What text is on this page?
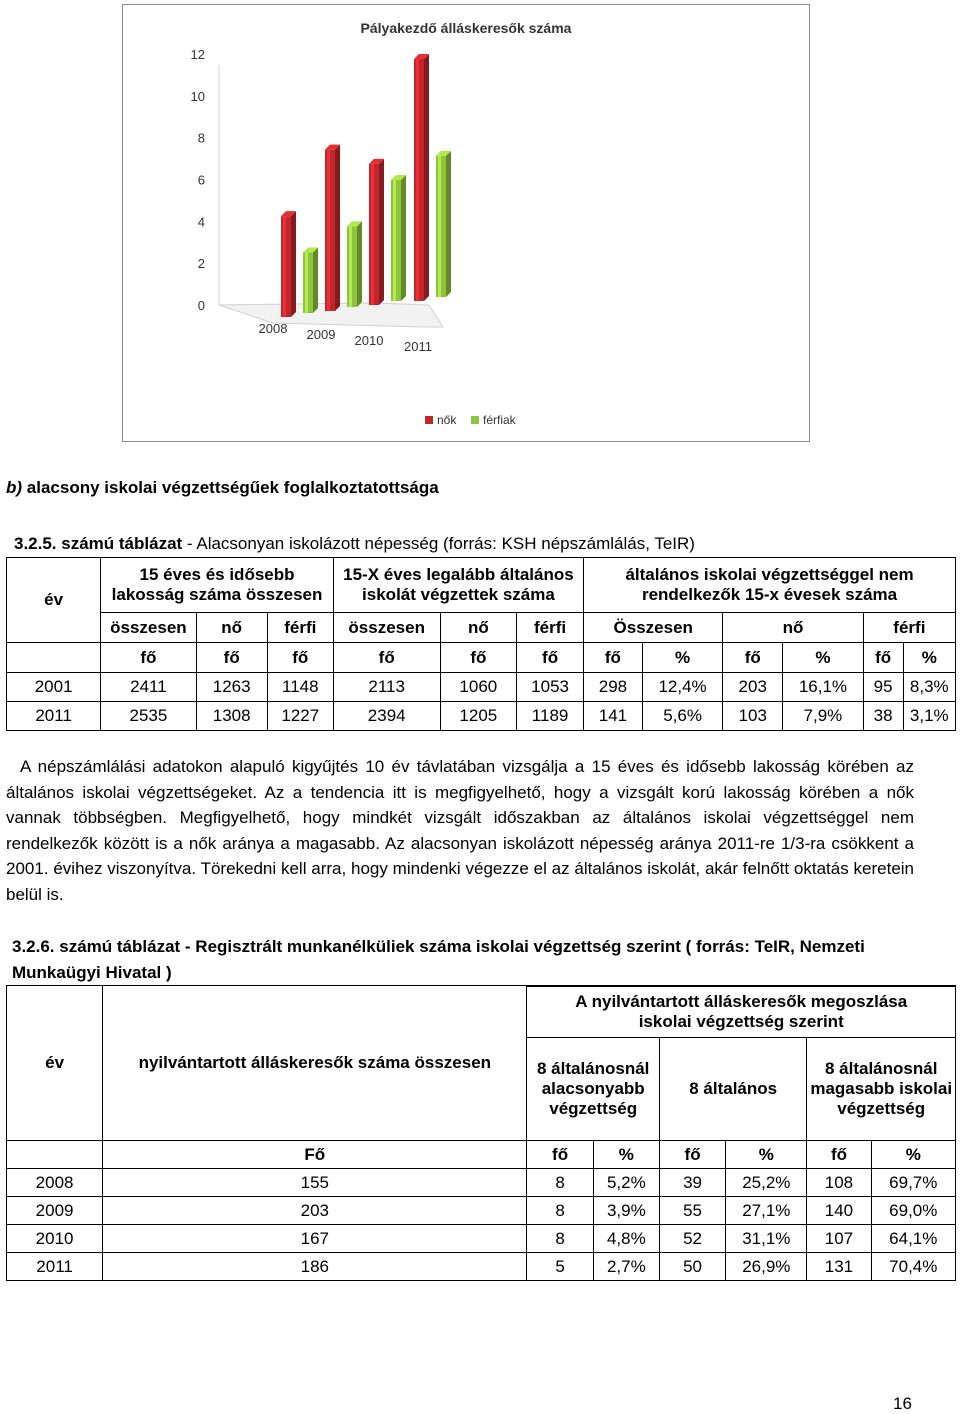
Pályakezdő álláskeresők száma
0
2
4
6
8
10
12
2008 2009 2010 2011
nők férfiak
b) alacsony iskolai végzettségűek foglalkoztatottsága
3.2.5. számú táblázat - Alacsonyan iskolázott népesség (forrás: KSH népszámlálás, TeIR)
év	15 éves és idősebb lakosság száma összesen			15-X éves legalább általános iskolát végzettek száma			általános iskolai végzettséggel nem rendelkezők 15-x évesek száma					
	összesen	nő	férfi	összesen	nő	férfi	Összesen		nő		férfi	
	fő	fő	fő	fő	fő	fő	fő	%	fő	%	fő	%
2001	2411	1263	1148	2113	1060	1053	298	12,4%	203	16,1%	95	8,3%
2011	2535	1308	1227	2394	1205	1189	141	5,6%	103	7,9%	38	3,1%
A népszámlálási adatokon alapuló kigyűjtés 10 év távlatában vizsgálja a 15 éves és idősebb lakosság körében az általános iskolai végzettségeket. Az a tendencia itt is megfigyelhető, hogy a vizsgált korú lakosság körében a nők vannak többségben. Megfigyelhető, hogy mindkét vizsgált időszakban az általános iskolai végzettséggel nem rendelkezők között is a nők aránya a magasabb. Az alacsonyan iskolázott népesség aránya 2011-re 1/3-ra csökkent a 2001. évihez viszonyítva. Törekedni kell arra, hogy mindenki végezze el az általános iskolát, akár felnőtt oktatás keretein belül is.
3.2.6. számú táblázat - Regisztrált munkanélküliek száma iskolai végzettség szerint ( forrás: TeIR, Nemzeti Munkaügyi Hivatal )
év	nyilvántartott álláskeresők száma összesen						
		A nyilvántartott álláskeresők megoszlása iskolai végzettség szerint					
		8 általánosnál alacsonyabb végzettség		8 általános		8 általánosnál magasabb iskolai végzettség	
	Fő	fő	%	fő	%	fő	%
2008	155	8	5,2%	39	25,2%	108	69,7%
2009	203	8	3,9%	55	27,1%	140	69,0%
2010	167	8	4,8%	52	31,1%	107	64,1%
2011	186	5	2,7%	50	26,9%	131	70,4%
16
